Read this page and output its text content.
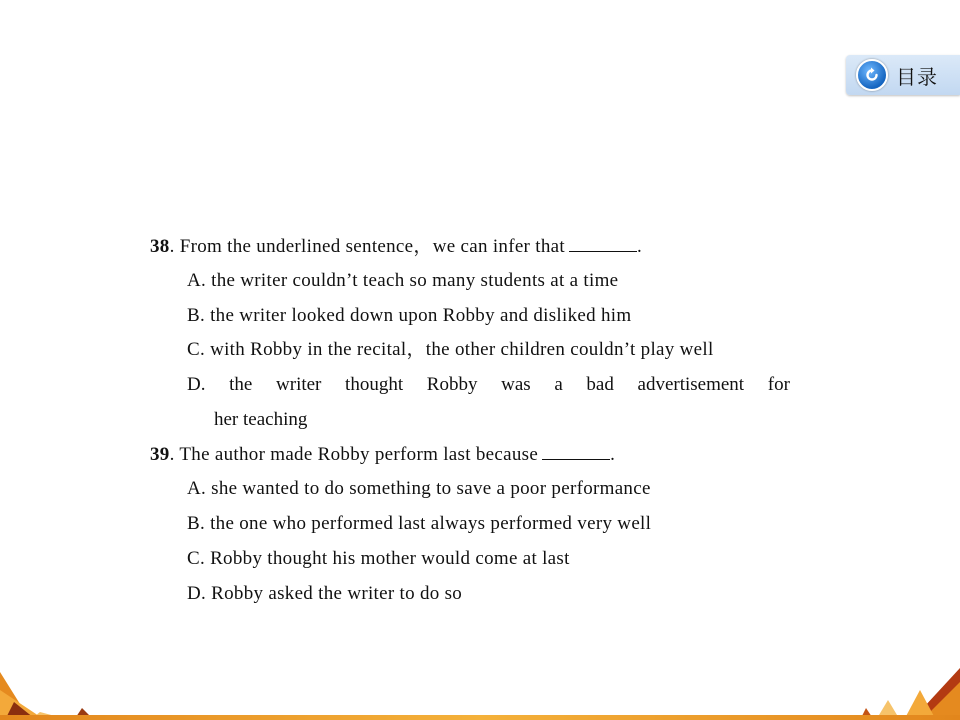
目录
38. From the underlined sentence，we can infer that	.
A. the writer couldn’t teach so many students at a time
B. the writer looked down upon Robby and disliked him
C. with Robby in the recital，the other children couldn’t play well
D. the writer thought Robby was a bad advertisement for
her teaching
39. The author made Robby perform last because	.
A. she wanted to do something to save a poor performance
B. the one who performed last always performed very well
C. Robby thought his mother would come at last
D. Robby asked the writer to do so
